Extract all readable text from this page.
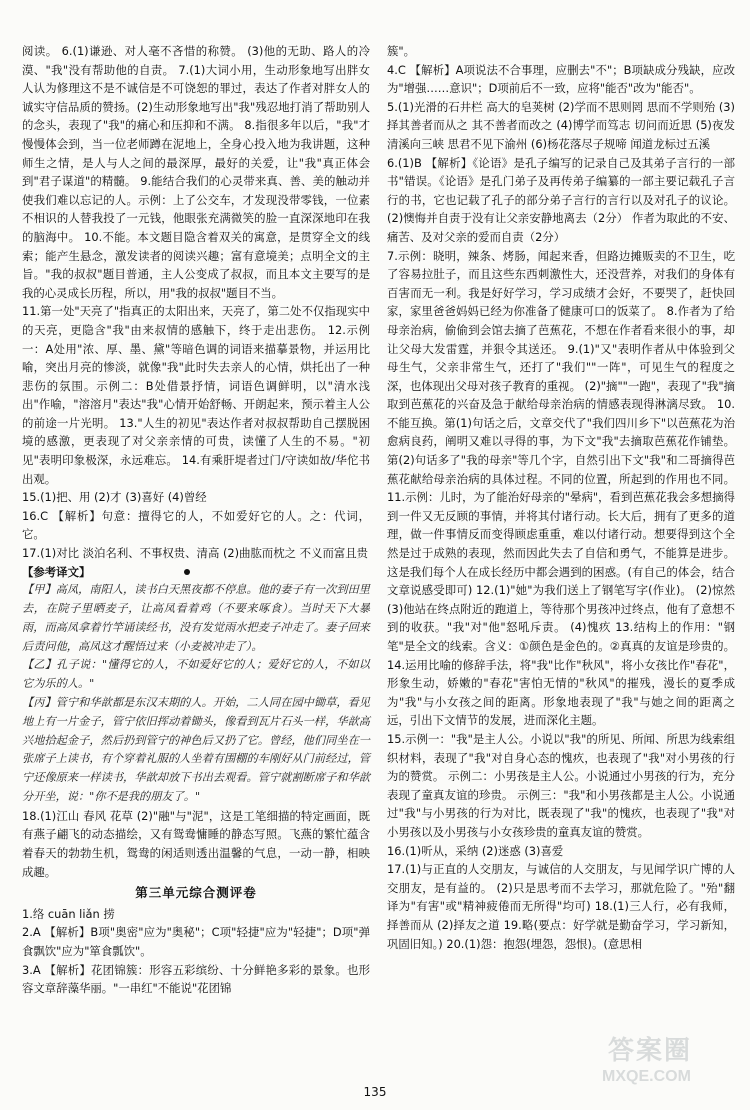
阅读。 6.(1)谦逊、对人毫不吝惜的称赞。 (3)他的无助、路人的冷漠、"我"没有帮助他的自责。 7.(1)大词小用，生动形象地写出胖女人认为修理这不是不诚信是不可饶恕的罪过，表达了作者对胖女人的诚实守信品质的赞扬。(2)生动形象地写出"我"残忍地打消了帮助别人的念头，表现了"我"的痛心和压抑和不满。 8.指很多年以后，"我"才慢慢体会到，当一位老师蹲在泥地上，全身心投入地为我讲题，这种师生之情，是人与人之间的最深厚，最好的关爱，让"我"真正体会到"君子谋道"的精髓。 9.能结合我们的心灵带来真、善、美的触动并使我们难以忘记的人。示例：上了公交车，才发现没带零钱，一位素不相识的人替我投了一元钱，他眼张充满微笑的脸一直深深地印在我的脑海中。 10.不能。本文题目隐含着双关的寓意，是贯穿全文的线索；能产生悬念，激发读者的阅读兴趣；富有意境美；点明全文的主旨。"我的叔叔"题目普通，主人公变成了叔叔，而且本文主要写的是我的心灵成长历程，所以，用"我的叔叔"题目不当。

11.第一处"天亮了"指真正的太阳出来，天亮了，第二处不仅指现实中的天亮，更隐含"我"由来叔情的感触下，终于走出悲伤。 12.示例一：A处用"浓、厚、墨、黛"等暗色调的词语来描摹景物，并运用比喻，突出月亮的惨淡，就像"我"此时失去亲人的心情，烘托出了一种悲伤的氛围。示例二：B处借景抒情，词语色调鲜明，以"清水浅出"作喻，"溶溶月"表达"我"心情开始舒畅、开朗起来，预示着主人公的前途一片光明。 13."人生的初见"表达作者对叔叔帮助自己摆脱困境的感激，更表现了对父亲亲情的可贵，读懂了人生的不易。"初见"表明印象极深，永远难忘。 14.有乘肝堤者过门/守读如故/华佗书出观。

15.(1)把、用 (2)才 (3)喜好 (4)曾经

16.C 【解析】句意：擅得它的人，不如爱好它的人。之：代词，它。

17.(1)对比 淡泊名利、不事权贵、清高 (2)曲肱而枕之 不义而富且贵

【参考译文】

【甲】高凤，南阳人，读书白天黑夜都不停息。他的妻子有一次到田里去，在院子里晒麦子，让高凤看着鸡（不要来啄食）。当时天下大暴雨，而高凤拿着竹竿诵读经书，没有发觉雨水把麦子冲走了。妻子回来后责问他，高凤这才醒悟过来（小麦被冲走了）。

【乙】孔子说："懂得它的人，不如爱好它的人；爱好它的人，不如以它为乐的人。"

【丙】管宁和华歆都是东汉末期的人。开始，二人同在园中锄草，看见地上有一片金子，管宁依旧挥动着锄头，像看到瓦片石头一样，华歆高兴地拾起金子，然后扔到管宁的神色后又扔了它。曾经，他们同坐在一张席子上读书，有个穿着礼服的人坐着有围棚的车刚好从门前经过，管宁还像原来一样读书，华歆却放下书出去观看。管宁就割断席子和华歆分开坐，说："你不是我的朋友了。"

18.(1)江山 春风 花草 (2)"融"与"泥"，这是工笔细描的特定画面，既有燕子翩飞的动态描绘，又有鸳鸯慵睡的静态写照。飞燕的繁忙蕴含着春天的勃勃生机，鸳鸯的闲适则透出温馨的气息，一动一静，相映成趣。

第三单元综合测评卷

1.络 cuān liǎn 捞

2.A 【解析】B项"奥密"应为"奥秘"；C项"轻捷"应为"轻捷"；D项"弹食飘饮"应为"箪食瓢饮"。

3.A 【解析】花团锦簇：形容五彩缤纷、十分鲜艳多彩的景象。也形容文章辞藻华丽。"一串红"不能说"花团锦

簇"。

4.C 【解析】A项说法不合事理，应删去"不"；B项缺成分残缺，应改为"增强……意识"；D项前后不一致，应将"能否"改为"能否"。

5.(1)光滑的石井栏 高大的皂荚树 (2)学而不思则罔 思而不学则殆 (3)择其善者而从之 其不善者而改之 (4)博学而笃志 切问而近思 (5)夜发清溪向三峡 思君不见下渝州 (6)杨花落尽子规啼 闻道龙标过五溪

6.(1)B 【解析】《论语》是孔子编写的记录自己及其弟子言行的一部书"错误。《论语》是孔门弟子及再传弟子编纂的一部主要记载孔子言行的书，它也记载了孔子的部分弟子言行的言行以及对孔子的议论。(2)懊悔并自责于没有让父亲安静地离去（2分） 作者为取此的不安、痛苦、及对父亲的爱而自责（2分）

7.示例：晓明，辣条、烤肠，闻起来香，但路边摊贩卖的不卫生，吃了容易拉肚子，而且这些东西刺激性大，还没营养，对我们的身体有百害而无一利。我是好好学习，学习成绩才会好，不要哭了，赶快回家，家里爸爸妈妈已经为你准备了健康可口的饭菜了。 8.作者为了给母亲治病，偷偷到会馆去摘了芭蕉花，不想在作者看来很小的事，却让父母大发雷霆，并狠令其送还。 9.(1)"又"表明作者从中体验到父母生气，父亲非常生气，还打了"我们""一阵"，可见生气的程度之深，也体现出父母对孩子教育的重视。 (2)"摘""一跑"，表现了"我"摘取到芭蕉花的兴奋及急于献给母亲治病的情感表现得淋漓尽致。 10.不能互换。第(1)句话之后，文章交代了"我们四川乡下"以芭蕉花为治愈病良药，阐明又难以寻得的事，为下文"我"去摘取芭蕉花作铺垫。第(2)句话多了"我的母亲"等几个字，自然引出下文"我"和二哥摘得芭蕉花献给母亲治病的具体过程。不同的位置，所起到的作用也不同。 11.示例：儿时，为了能治好母亲的"晕病"，看到芭蕉花我会多想摘得到一件又无反顾的事情，并将其付诸行动。长大后，拥有了更多的道理，做一件事情反而变得顾虑重重，难以付诸行动。想要得到这个全然是过于成熟的表现，然而因此失去了自信和勇气，不能算是进步。这是我们每个人在成长经历中都会遇到的困惑。(有自己的体会，结合文章说感受即可) 12.(1)"她"为我们送上了钢笔写字(作业)。 (2)惊然 (3)他站在终点附近的跑道上，等待那个男孩冲过终点，他有了意想不到的收获。"我"对"他"怒吼斥责。 (4)愧疚 13.结构上的作用："钢笔"是全文的线索。含义：①颜色是金色的。②真真的友谊是珍贵的。 14.运用比喻的修辞手法，将"我"比作"秋风"，将小女孩比作"春花"，形象生动，娇嫩的"春花"害怕无情的"秋风"的摧残，漫长的夏季成为"我"与小女孩之间的距离。形象地表现了"我"与她之间的距离之远，引出下文情节的发展，进而深化主题。

15.示例一："我"是主人公。小说以"我"的所见、所闻、所思为线索组织材料，表现了"我"对自身心态的愧疚，也表现了"我"对小男孩的行为的赞赏。 示例二：小男孩是主人公。小说通过小男孩的行为，充分表现了童真友谊的珍贵。 示例三："我"和小男孩都是主人公。小说通过"我"与小男孩的行为对比，既表现了"我"的愧疚，也表现了"我"对小男孩以及小男孩与小女孩珍贵的童真友谊的赞赏。

16.(1)听从，采纳 (2)迷惑 (3)喜爱

17.(1)与正直的人交朋友，与诚信的人交朋友，与见闻学识广博的人交朋友，是有益的。 (2)只是思考而不去学习，那就危险了。"殆"翻译为"有害"或"精神疲倦而无所得"均可) 18.(1)三人行，必有我师，择善而从 (2)择友之道 19.略(要点：好学就是勤奋学习，学习新知，巩固旧知。) 20.(1)怨：抱怨(埋怨，怨恨)。(意思相

135
答案圈
MXQE.COM
